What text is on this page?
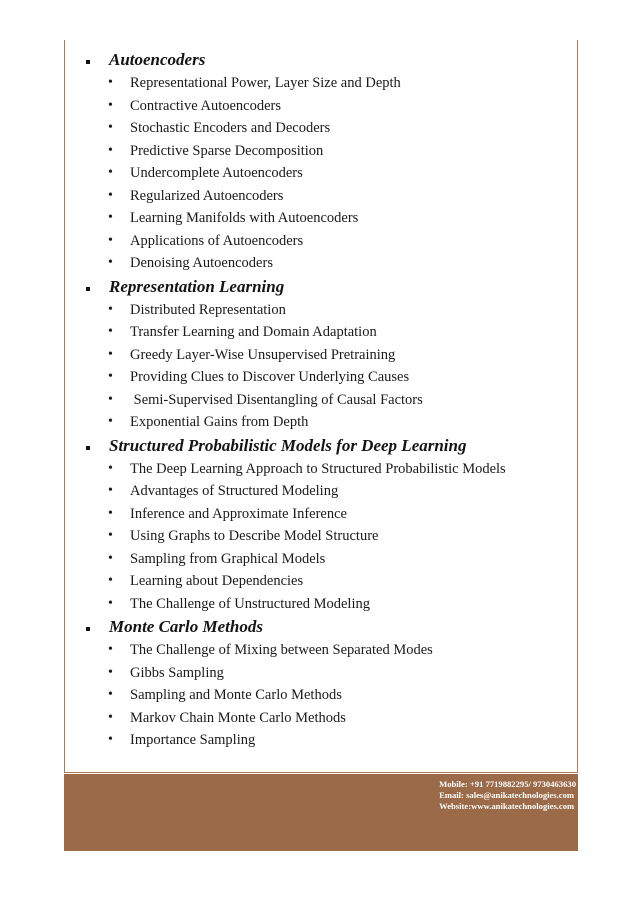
Autoencoders
• Representational Power, Layer Size and Depth
• Contractive Autoencoders
• Stochastic Encoders and Decoders
• Predictive Sparse Decomposition
• Undercomplete Autoencoders
• Regularized Autoencoders
• Learning Manifolds with Autoencoders
• Applications of Autoencoders
• Denoising Autoencoders
Representation Learning
• Distributed Representation
• Transfer Learning and Domain Adaptation
• Greedy Layer-Wise Unsupervised Pretraining
• Providing Clues to Discover Underlying Causes
• Semi-Supervised Disentangling of Causal Factors
• Exponential Gains from Depth
Structured Probabilistic Models for Deep Learning
• The Deep Learning Approach to Structured Probabilistic Models
• Advantages of Structured Modeling
• Inference and Approximate Inference
• Using Graphs to Describe Model Structure
• Sampling from Graphical Models
• Learning about Dependencies
• The Challenge of Unstructured Modeling
Monte Carlo Methods
• The Challenge of Mixing between Separated Modes
• Gibbs Sampling
• Sampling and Monte Carlo Methods
• Markov Chain Monte Carlo Methods
• Importance Sampling
Mobile: +91 7719882295/ 9730463630
Email: sales@anikatechnologies.com
Website:www.anikatechnologies.com
